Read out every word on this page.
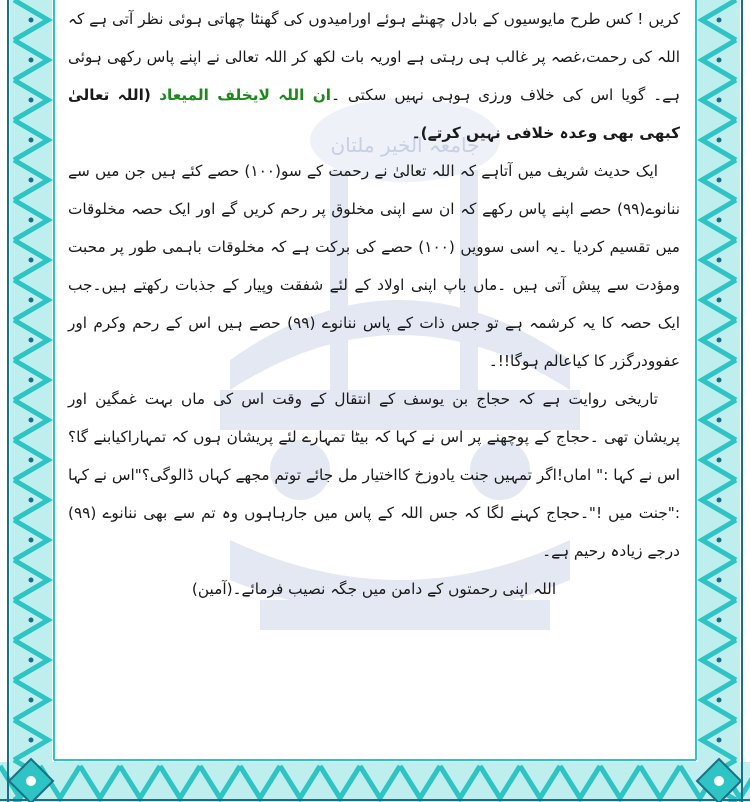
جامعہ الخیر ملتان

کریں ! کس طرح مایوسیوں کے بادل چھنٹے ہوئے اورامیدوں کی گھنٹا چھاتی ہوئی نظر آتی ہے کہ اللہ کی رحمت،غصہ پر غالب ہی رہتی ہے اوریہ بات لکھ کر اللہ تعالی نے اپنے پاس رکھی ہوئی ہے۔ گویا اس کی خلاف ورزی ہوہی نہیں سکتی ۔ان اللہ لایخلف المیعاد (اللہ تعالیٰ کبھی بھی وعدہ خلافی نہیں کرتے)۔

ایک حدیث شریف میں آتاہے کہ اللہ تعالیٰ نے رحمت کے سو(۱۰۰) حصے کئے ہیں جن میں سے ننانوے(۹۹) حصے اپنے پاس رکھے کہ ان سے اپنی مخلوق پر رحم کریں گے اور ایک حصہ مخلوقات میں تقسیم کردیا ۔یہ اسی سوویں (۱۰۰) حصے کی برکت ہے کہ مخلوقات باہمی طور پر محبت ومؤدت سے پیش آتی ہیں ۔ماں باپ اپنی اولاد کے لئے شفقت وپیار کے جذبات رکھتے ہیں۔جب ایک حصہ کا یہ کرشمہ ہے تو جس ذات کے پاس ننانوے (۹۹) حصے ہیں اس کے رحم وکرم اور عفوودرگزر کا کیاعالم ہوگا!!۔

تاریخی روایت ہے کہ حجاج بن یوسف کے انتقال کے وقت اس کی ماں بہت غمگین اور پریشان تھی ۔حجاج کے پوچھنے پر اس نے کہا کہ بیٹا تمہارے لئے پریشان ہوں کہ تمہاراکیابنے گا؟اس نے کہا :" اماں!اگر تمہیں جنت یادوزخ کااختیار مل جائے توتم مجھے کہاں ڈالوگی؟"اس نے کہا :"جنت میں !"۔حجاج کہنے لگا کہ جس اللہ کے پاس میں جارہاہوں وہ تم سے بھی ننانوے (۹۹) درجے زیادہ رحیم ہے۔

اللہ اپنی رحمتوں کے دامن میں جگہ نصیب فرمائے۔(آمین)
